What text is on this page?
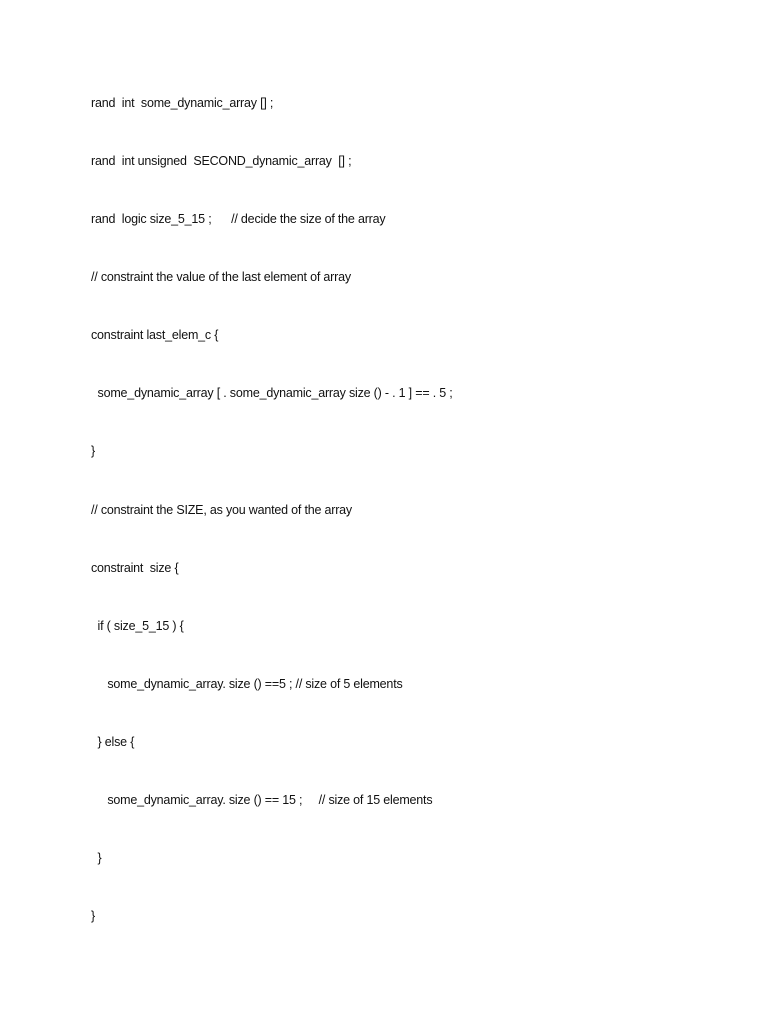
rand  int  some_dynamic_array [] ;
rand  int unsigned  SECOND_dynamic_array  [] ;
rand  logic size_5_15 ;      // decide the size of the array
// constraint the value of the last element of array
constraint last_elem_c {
some_dynamic_array [ . some_dynamic_array size () - . 1 ] == . 5 ;
}
// constraint the SIZE, as you wanted of the array
constraint  size {
if ( size_5_15 ) {
some_dynamic_array. size () ==5 ; // size of 5 elements
} else {
some_dynamic_array. size () == 15 ;     // size of 15 elements
}
}
